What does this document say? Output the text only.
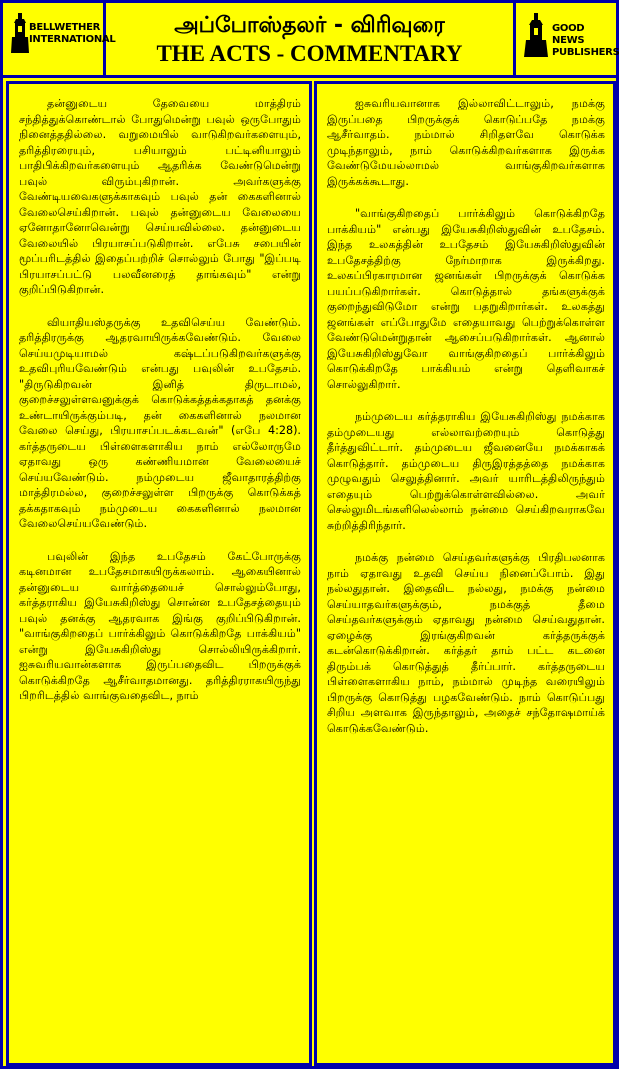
BELLWETHER
INTERNATIONAL
அப்போஸ்தலர் - விரிவுரை
THE ACTS - COMMENTARY
GOOD NEWS
PUBLISHERS

தன்னுடைய தேவையை மாத்திரம் சந்தித்துக்கொண்டால் போதுமென்று பவுல் ஒருபோதும் நினைத்ததில்லை. வறுமையில் வாடுகிறவர்களையும், தரித்திரரையும், பசியாலும் பட்டினியாலும் பாதிபிக்கிறவர்களையும் ஆதரிக்க வேண்டுமென்று பவுல் விரும்புகிறான். அவர்களுக்கு வேண்டியவைகளுக்காகவும் பவுல் தன் கைகளினால் வேலைசெய்கிறான். பவுல் தன்னுடைய வேலையை ஏனோதானோவென்று செய்யவில்லை. தன்னுடைய வேலையில் பிரயாசப்படுகிறான். எபேசு சபையின் மூப்பரிடத்தில் இதைப்பற்றிச் சொல்லும் போது "இப்படி பிரயாசப்பட்டு பலவீனரைத் தாங்கவும்" என்று குறிப்பிடுகிறான்.

வியாதியஸ்தருக்கு உதவிசெய்ய வேண்டும். தரித்திரருக்கு ஆதரவாயிருக்கவேண்டும். வேலை செய்யமுடியாமல் கஷ்டப்படுகிறவர்களுக்கு உதவிபுரியவேண்டும் என்பது பவுலின் உபதேசம். "திருடுகிறவன் இனித் திருடாமல், குறைச்சலுள்ளவனுக்குக் கொடுக்கத்தக்கதாகத் தனக்கு உண்டாயிருக்கும்படி, தன் கைகளினால் நலமான வேலை செய்து, பிரயாசப்படக்கடவன்" (எபே 4:28). கர்த்தருடைய பிள்ளைகளாகிய நாம் எல்லோருமே ஏதாவது ஒரு கண்ணியமான வேலையைச் செய்யவேண்டும். நம்முடைய ஜீவாதாரத்திற்கு மாத்திரமல்ல, குறைச்சலுள்ள பிறருக்கு கொடுக்கத் தக்கதாகவும் நம்முடைய கைகளினால் நலமான வேலைசெய்யவேண்டும்.

பவுலின் இந்த உபதேசம் கேட்போருக்கு கடினமான உபதேசமாகயிருக்கலாம். ஆகையினால் தன்னுடைய வார்த்தையைச் சொல்லும்போது, கர்த்தராகிய இயேசுகிறிஸ்து சொன்ன உபதேசத்தையும் பவுல் தனக்கு ஆதரவாக இங்கு குறிப்பிடுகிறான். "வாங்குகிறதைப் பார்க்கிலும் கொடுக்கிறதே பாக்கியம்" என்று இயேசுகிறிஸ்து சொல்லியிருக்கிறார். ஐசுவரியவான்களாக இருப்பதைவிட பிறருக்குக் கொடுக்கிறதே ஆசீர்வாதமானது. தரித்திரராகயிருந்து பிறரிடத்தில் வாங்குவதைவிட, நாம்

ஐசுவரியவானாக இல்லாவிட்டாலும், நமக்கு இருப்பதை பிறருக்குக் கொடுப்பதே நமக்கு ஆசீர்வாதம். நம்மால் சிறிதளவே கொடுக்க முடிந்தாலும், நாம் கொடுக்கிறவர்களாக இருக்க வேண்டுமேயல்லாமல் வாங்குகிறவர்களாக இருக்கக்கூடாது.

"வாங்குகிறதைப் பார்க்கிலும் கொடுக்கிறதே பாக்கியம்" என்பது இயேசுகிறிஸ்துவின் உபதேசம். இந்த உலகத்தின் உபதேசம் இயேசுகிறிஸ்துவின் உபதேசத்திற்கு நேர்மாறாக இருக்கிறது. உலகப்பிரகாரமான ஜனங்கள் பிறருக்குக் கொடுக்க பயப்படுகிறார்கள். கொடுத்தால் தங்களுக்குக் குறைந்துவிடுமோ என்று பதறுகிறார்கள். உலகத்து ஜனங்கள் எப்போதுமே எதையாவது பெற்றுக்கொள்ள வேண்டுமென்றுதான் ஆசைப்படுகிறார்கள். ஆனால் இயேசுகிறிஸ்துவோ வாங்குகிறதைப் பார்க்கிலும் கொடுக்கிறதே பாக்கியம் என்று தெளிவாகச் சொல்லுகிறார்.

நம்முடைய கர்த்தராகிய இயேசுகிறிஸ்து நமக்காக தம்முடையது எல்லாவற்றையும் கொடுத்து தீர்த்துவிட்டார். தம்முடைய ஜீவனையே நமக்காகக் கொடுத்தார். தம்முடைய திருஇரத்தத்தை நமக்காக முழுவதும் செலுத்தினார். அவர் யாரிடத்திலிருந்தும் எதையும் பெற்றுக்கொள்ளவில்லை. அவர் செல்லுமிடங்களிலெல்லாம் நன்மை செய்கிறவராகவே சுற்றித்திரிந்தார்.

நமக்கு நன்மை செய்தவர்களுக்கு பிரதிபலனாக நாம் ஏதாவது உதவி செய்ய நினைப்போம். இது நல்லதுதான். இதைவிட நல்லது, நமக்கு நன்மை செய்யாதவர்களுக்கும், நமக்குத் தீமை செய்தவர்களுக்கும் ஏதாவது நன்மை செய்வதுதான். ஏழைக்கு இரங்குகிறவன் கர்த்தருக்குக் கடன்கொடுக்கிறான். கர்த்தர் தாம் பட்ட கடனை திரும்பக் கொடுத்துத் தீர்ப்பார். கர்த்தருடைய பிள்ளைகளாகிய நாம், நம்மால் முடிந்த வரையிலும் பிறருக்கு கொடுத்து பழகவேண்டும். நாம் கொடுப்பது சிறிய அளவாக இருந்தாலும், அதைச் சந்தோஷமாய்க் கொடுக்கவேண்டும்.
